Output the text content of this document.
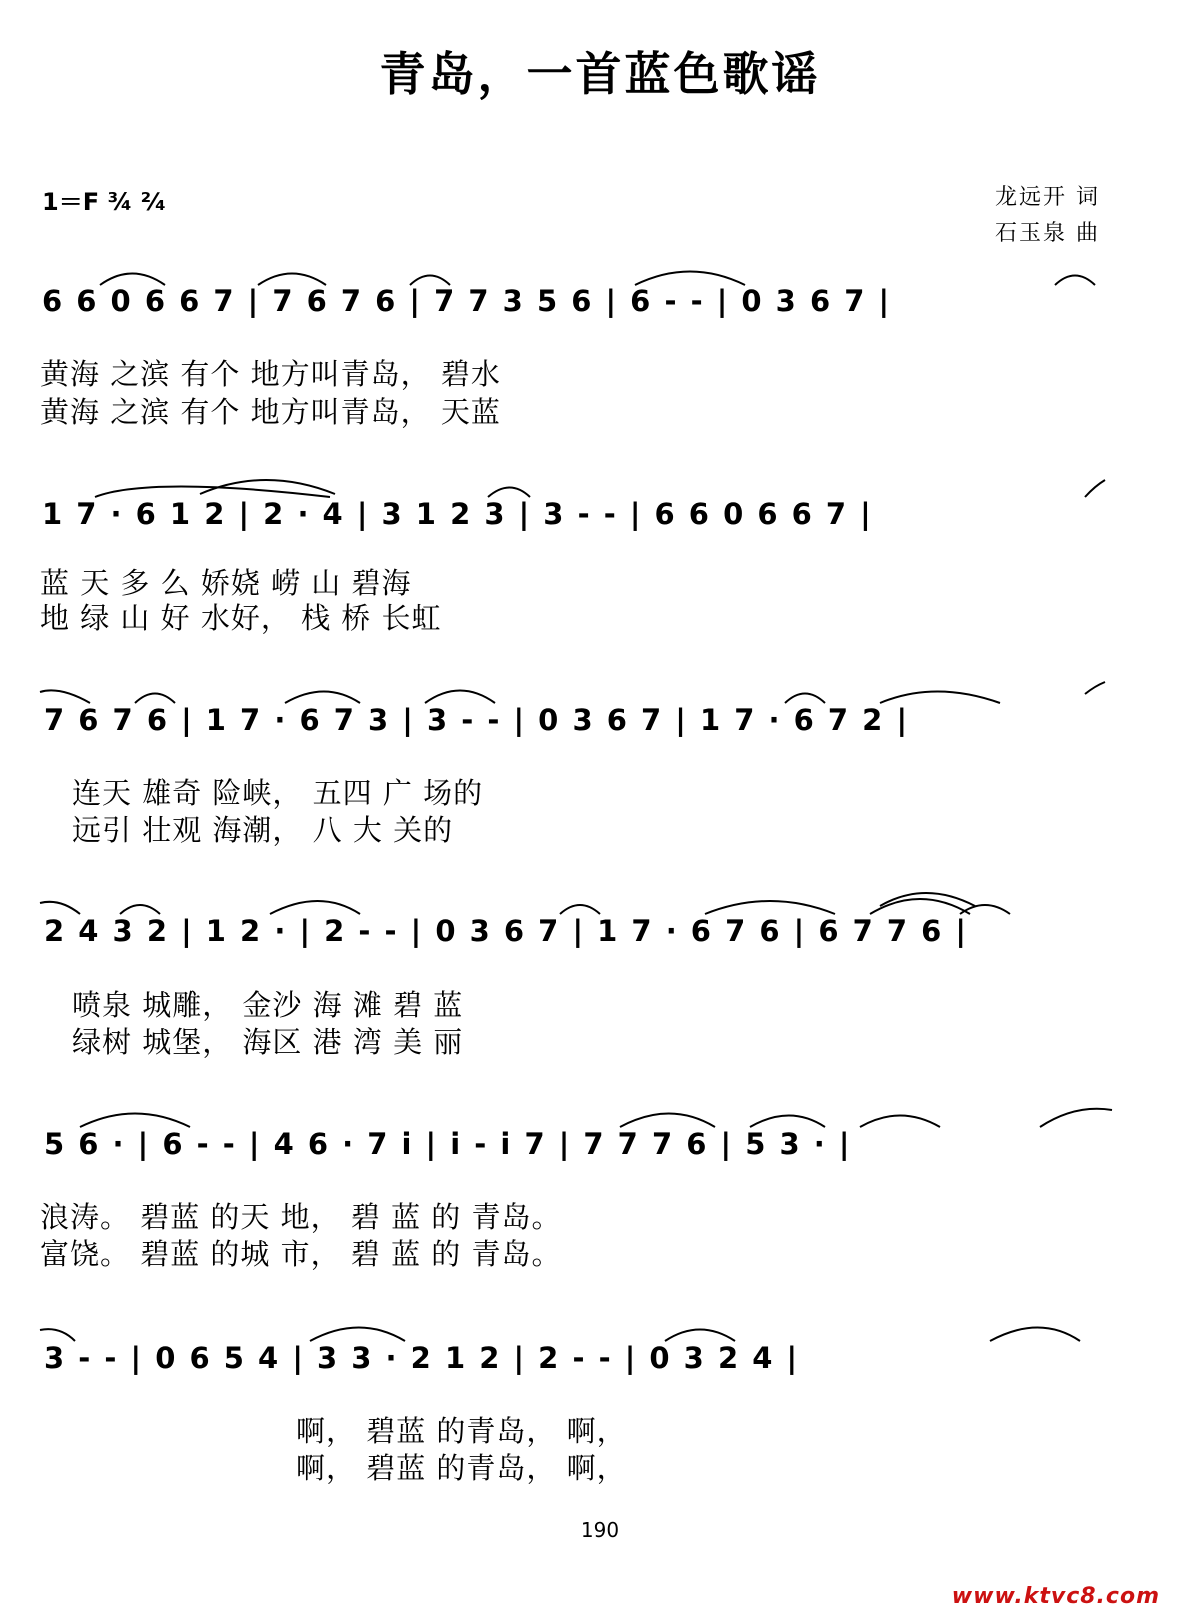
青岛，一首蓝色歌谣
1＝F ¾ ²⁄₄	龙远开 词
石玉泉 曲
6 6 0 6 6 7 | 7 6 7 6 | 7 7 3 5 6 | 6 - - | 0 3 6 7 |
黄海 之滨 有个 地方叫青岛， 碧水
黄海 之滨 有个 地方叫青岛， 天蓝
1 7 · 6 1 2 | 2 · 4 | 3 1 2 3 | 3 - - | 6 6 0 6 6 7 |
蓝 天 多 么 娇娆 崂 山 碧海
地 绿 山 好 水好， 栈 桥 长虹
7 6 7 6 | 1 7 · 6 7 3 | 3 - - | 0 3 6 7 | 1 7 · 6 7 2 |
连天 雄奇 险峡， 五四 广 场的
远引 壮观 海潮， 八 大 关的
2 4 3 2 | 1 2 · | 2 - - | 0 3 6 7 | 1 7 · 6 7 6 | 6 7 7 6 |
喷泉 城雕， 金沙 海 滩 碧 蓝
绿树 城堡， 海区 港 湾 美 丽
5 6 · | 6 - - | 4 6 · 7 i | i - i 7 | 7 7 7 6 | 5 3 · |
浪涛。 碧蓝 的天 地， 碧 蓝 的 青岛。
富饶。 碧蓝 的城 市， 碧 蓝 的 青岛。
3 - - | 0 6 5 4 | 3 3 · 2 1 2 | 2 - - | 0 3 2 4 |
啊， 碧蓝 的青岛， 啊，
啊， 碧蓝 的青岛， 啊，
190
www.ktvc8.com
